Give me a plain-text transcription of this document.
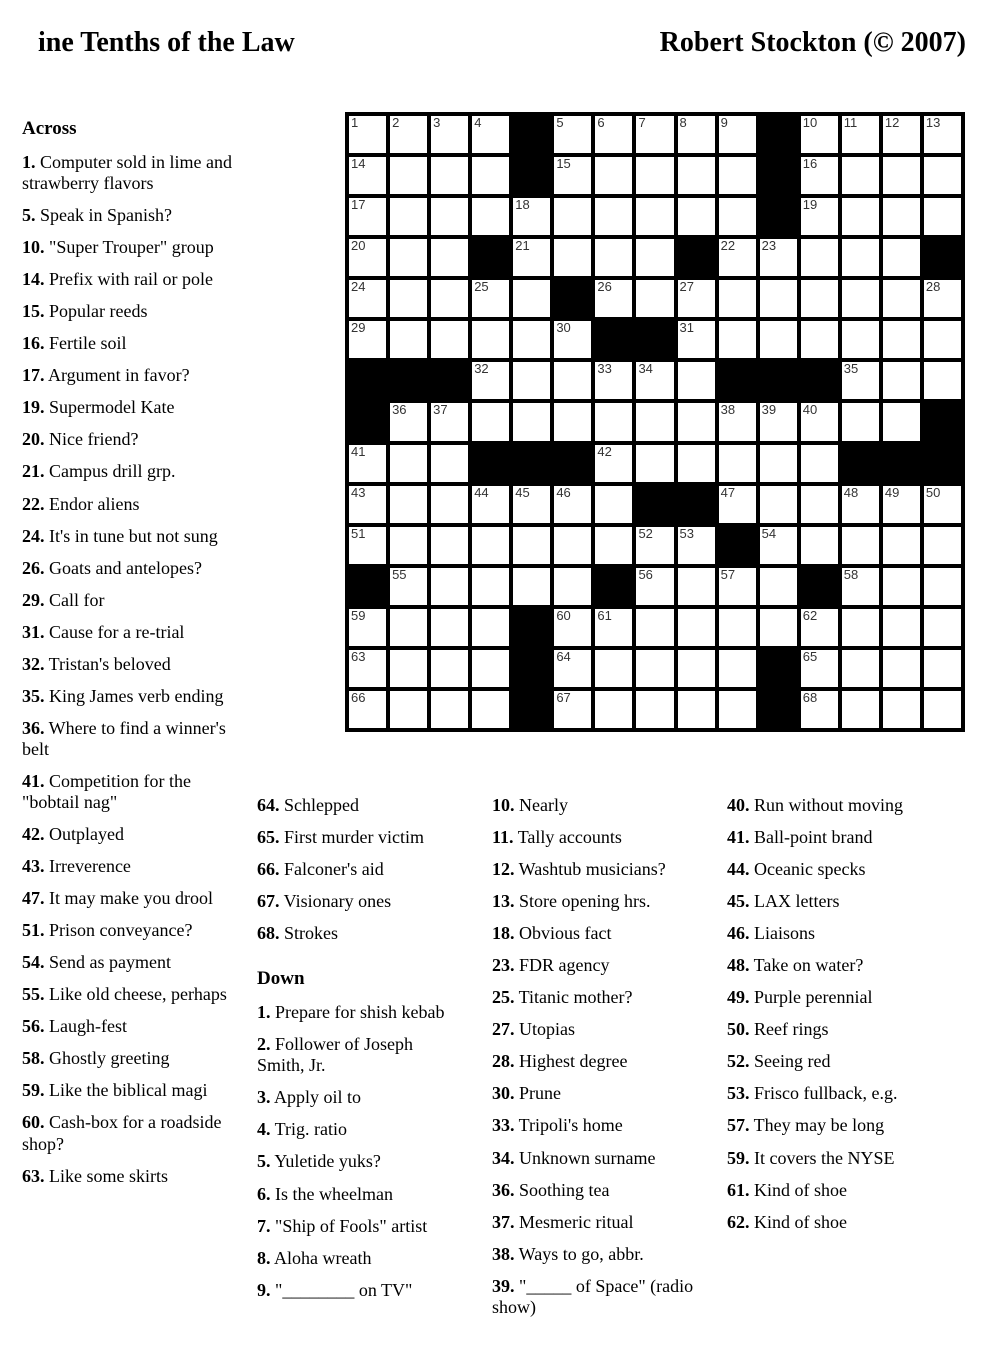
ine Tenths of the Law	Robert Stockton (© 2007)
1	2	3	4	5	6	7	8	9	10 11 12 13
14	15	16
17	18	19
20	21	22 23
24	25	26	27	28
29	30	31
32	33 34	35
36 37	38 39 40
41	42
43	44 45 46	47	48 49 50
51	52 53	54
55	56	57	58
59	60 61	62
63	64	65
66	67	68
Across
1. Computer sold in lime and strawberry flavors
5. Speak in Spanish?
10. "Super Trouper" group
14. Prefix with rail or pole
15. Popular reeds
16. Fertile soil
17. Argument in favor?
19. Supermodel Kate
20. Nice friend?
21. Campus drill grp.
22. Endor aliens
24. It's in tune but not sung
26. Goats and antelopes?
29. Call for
31. Cause for a re-trial
32. Tristan's beloved
35. King James verb ending
36. Where to find a winner's belt
41. Competition for the "bobtail nag"
42. Outplayed
43. Irreverence
47. It may make you drool
51. Prison conveyance?
54. Send as payment
55. Like old cheese, perhaps
56. Laugh-fest
58. Ghostly greeting
59. Like the biblical magi
60. Cash-box for a roadside shop?
63. Like some skirts
64. Schlepped
65. First murder victim
66. Falconer's aid
67. Visionary ones
68. Strokes
Down
1. Prepare for shish kebab
2. Follower of Joseph Smith, Jr.
3. Apply oil to
4. Trig. ratio
5. Yuletide yuks?
6. Is the wheelman
7. "Ship of Fools" artist
8. Aloha wreath
9. "________ on TV"
10. Nearly
11. Tally accounts
12. Washtub musicians?
13. Store opening hrs.
18. Obvious fact
23. FDR agency
25. Titanic mother?
27. Utopias
28. Highest degree
30. Prune
33. Tripoli's home
34. Unknown surname
36. Soothing tea
37. Mesmeric ritual
38. Ways to go, abbr.
39. "_____ of Space" (radio show)
40. Run without moving
41. Ball-point brand
44. Oceanic specks
45. LAX letters
46. Liaisons
48. Take on water?
49. Purple perennial
50. Reef rings
52. Seeing red
53. Frisco fullback, e.g.
57. They may be long
59. It covers the NYSE
61. Kind of shoe
62. Kind of shoe
